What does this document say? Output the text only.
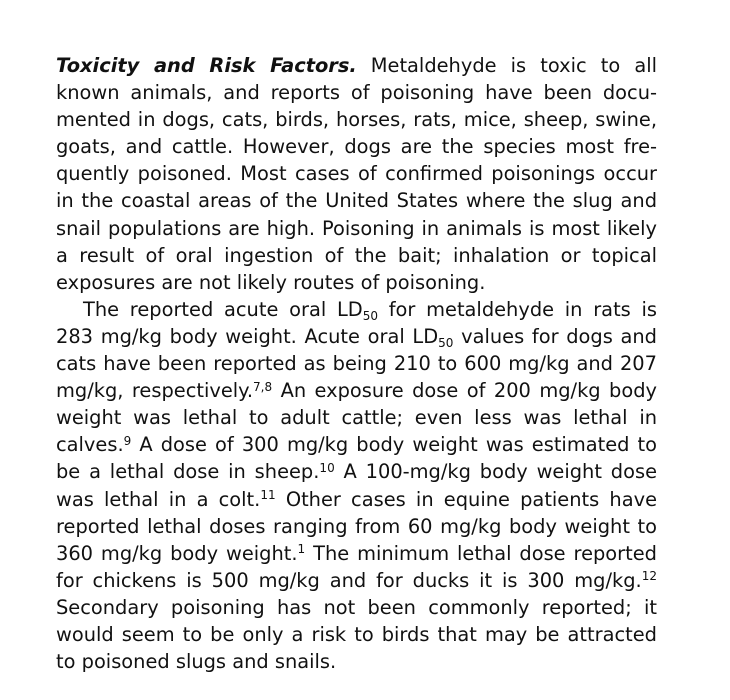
Toxicity and Risk Factors. Metaldehyde is toxic to all known animals, and reports of poisoning have been documented in dogs, cats, birds, horses, rats, mice, sheep, swine, goats, and cattle. However, dogs are the species most frequently poisoned. Most cases of confirmed poisonings occur in the coastal areas of the United States where the slug and snail populations are high. Poisoning in animals is most likely a result of oral ingestion of the bait; inhalation or topical exposures are not likely routes of poisoning.

The reported acute oral $LD_{50}$ for metaldehyde in rats is 283 mg/kg body weight. Acute oral $LD_{50}$ values for dogs and cats have been reported as being 210 to 600 mg/kg and 207 mg/kg, respectively.$^{7,8}$ An exposure dose of 200 mg/kg body weight was lethal to adult cattle; even less was lethal in calves.$^9$ A dose of 300 mg/kg body weight was estimated to be a lethal dose in sheep.$^{10}$ A 100-mg/kg body weight dose was lethal in a colt.$^{11}$ Other cases in equine patients have reported lethal doses ranging from 60 mg/kg body weight to 360 mg/kg body weight.$^1$ The minimum lethal dose reported for chickens is 500 mg/kg and for ducks it is 300 mg/kg.$^{12}$ Secondary poisoning has not been commonly reported; it would seem to be only a risk to birds that may be attracted to poisoned slugs and snails.
